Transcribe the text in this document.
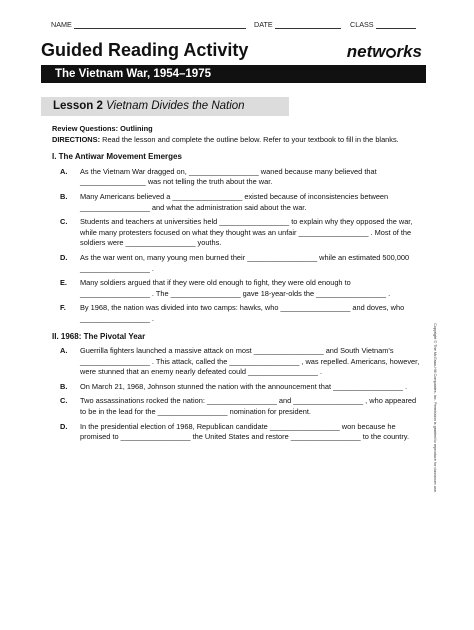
NAME	DATE	CLASS
Guided Reading Activity	netw rks
The Vietnam War, 1954–1975
Lesson 2 Vietnam Divides the Nation

Review Questions: Outlining

DIRECTIONS: Read the lesson and complete the outline below. Refer to your textbook to fill in the blanks.

I. The Antiwar Movement Emerges

A. As the Vietnam War dragged on, _________________ waned because many believed that ________________ was not telling the truth about the war.

B. Many Americans believed a _________________ existed because of inconsistencies between _________________ and what the administration said about the war.

C. Students and teachers at universities held _________________ to explain why they opposed the war, while many protesters focused on what they thought was an unfair _________________ . Most of the soldiers were _________________ youths.

D. As the war went on, many young men burned their _________________ while an estimated 500,000 _________________ .

E. Many soldiers argued that if they were old enough to fight, they were old enough to _________________ . The _________________ gave 18-year-olds the _________________ .

F. By 1968, the nation was divided into two camps: hawks, who _________________ and doves, who _________________ .

II. 1968: The Pivotal Year

A. Guerrilla fighters launched a massive attack on most _________________ and South Vietnam's _________________ . This attack, called the _________________ , was repelled. Americans, however, were stunned that an enemy nearly defeated could _________________ .

B. On March 21, 1968, Johnson stunned the nation with the announcement that _________________ .

C. Two assassinations rocked the nation: _________________ and _________________ , who appeared to be in the lead for the _________________ nomination for president.

D. In the presidential election of 1968, Republican candidate _________________ won because he promised to _________________ the United States and restore _________________ to the country.	Copyright © The McGraw-Hill Companies, Inc. Permission is granted to reproduce for classroom use.
